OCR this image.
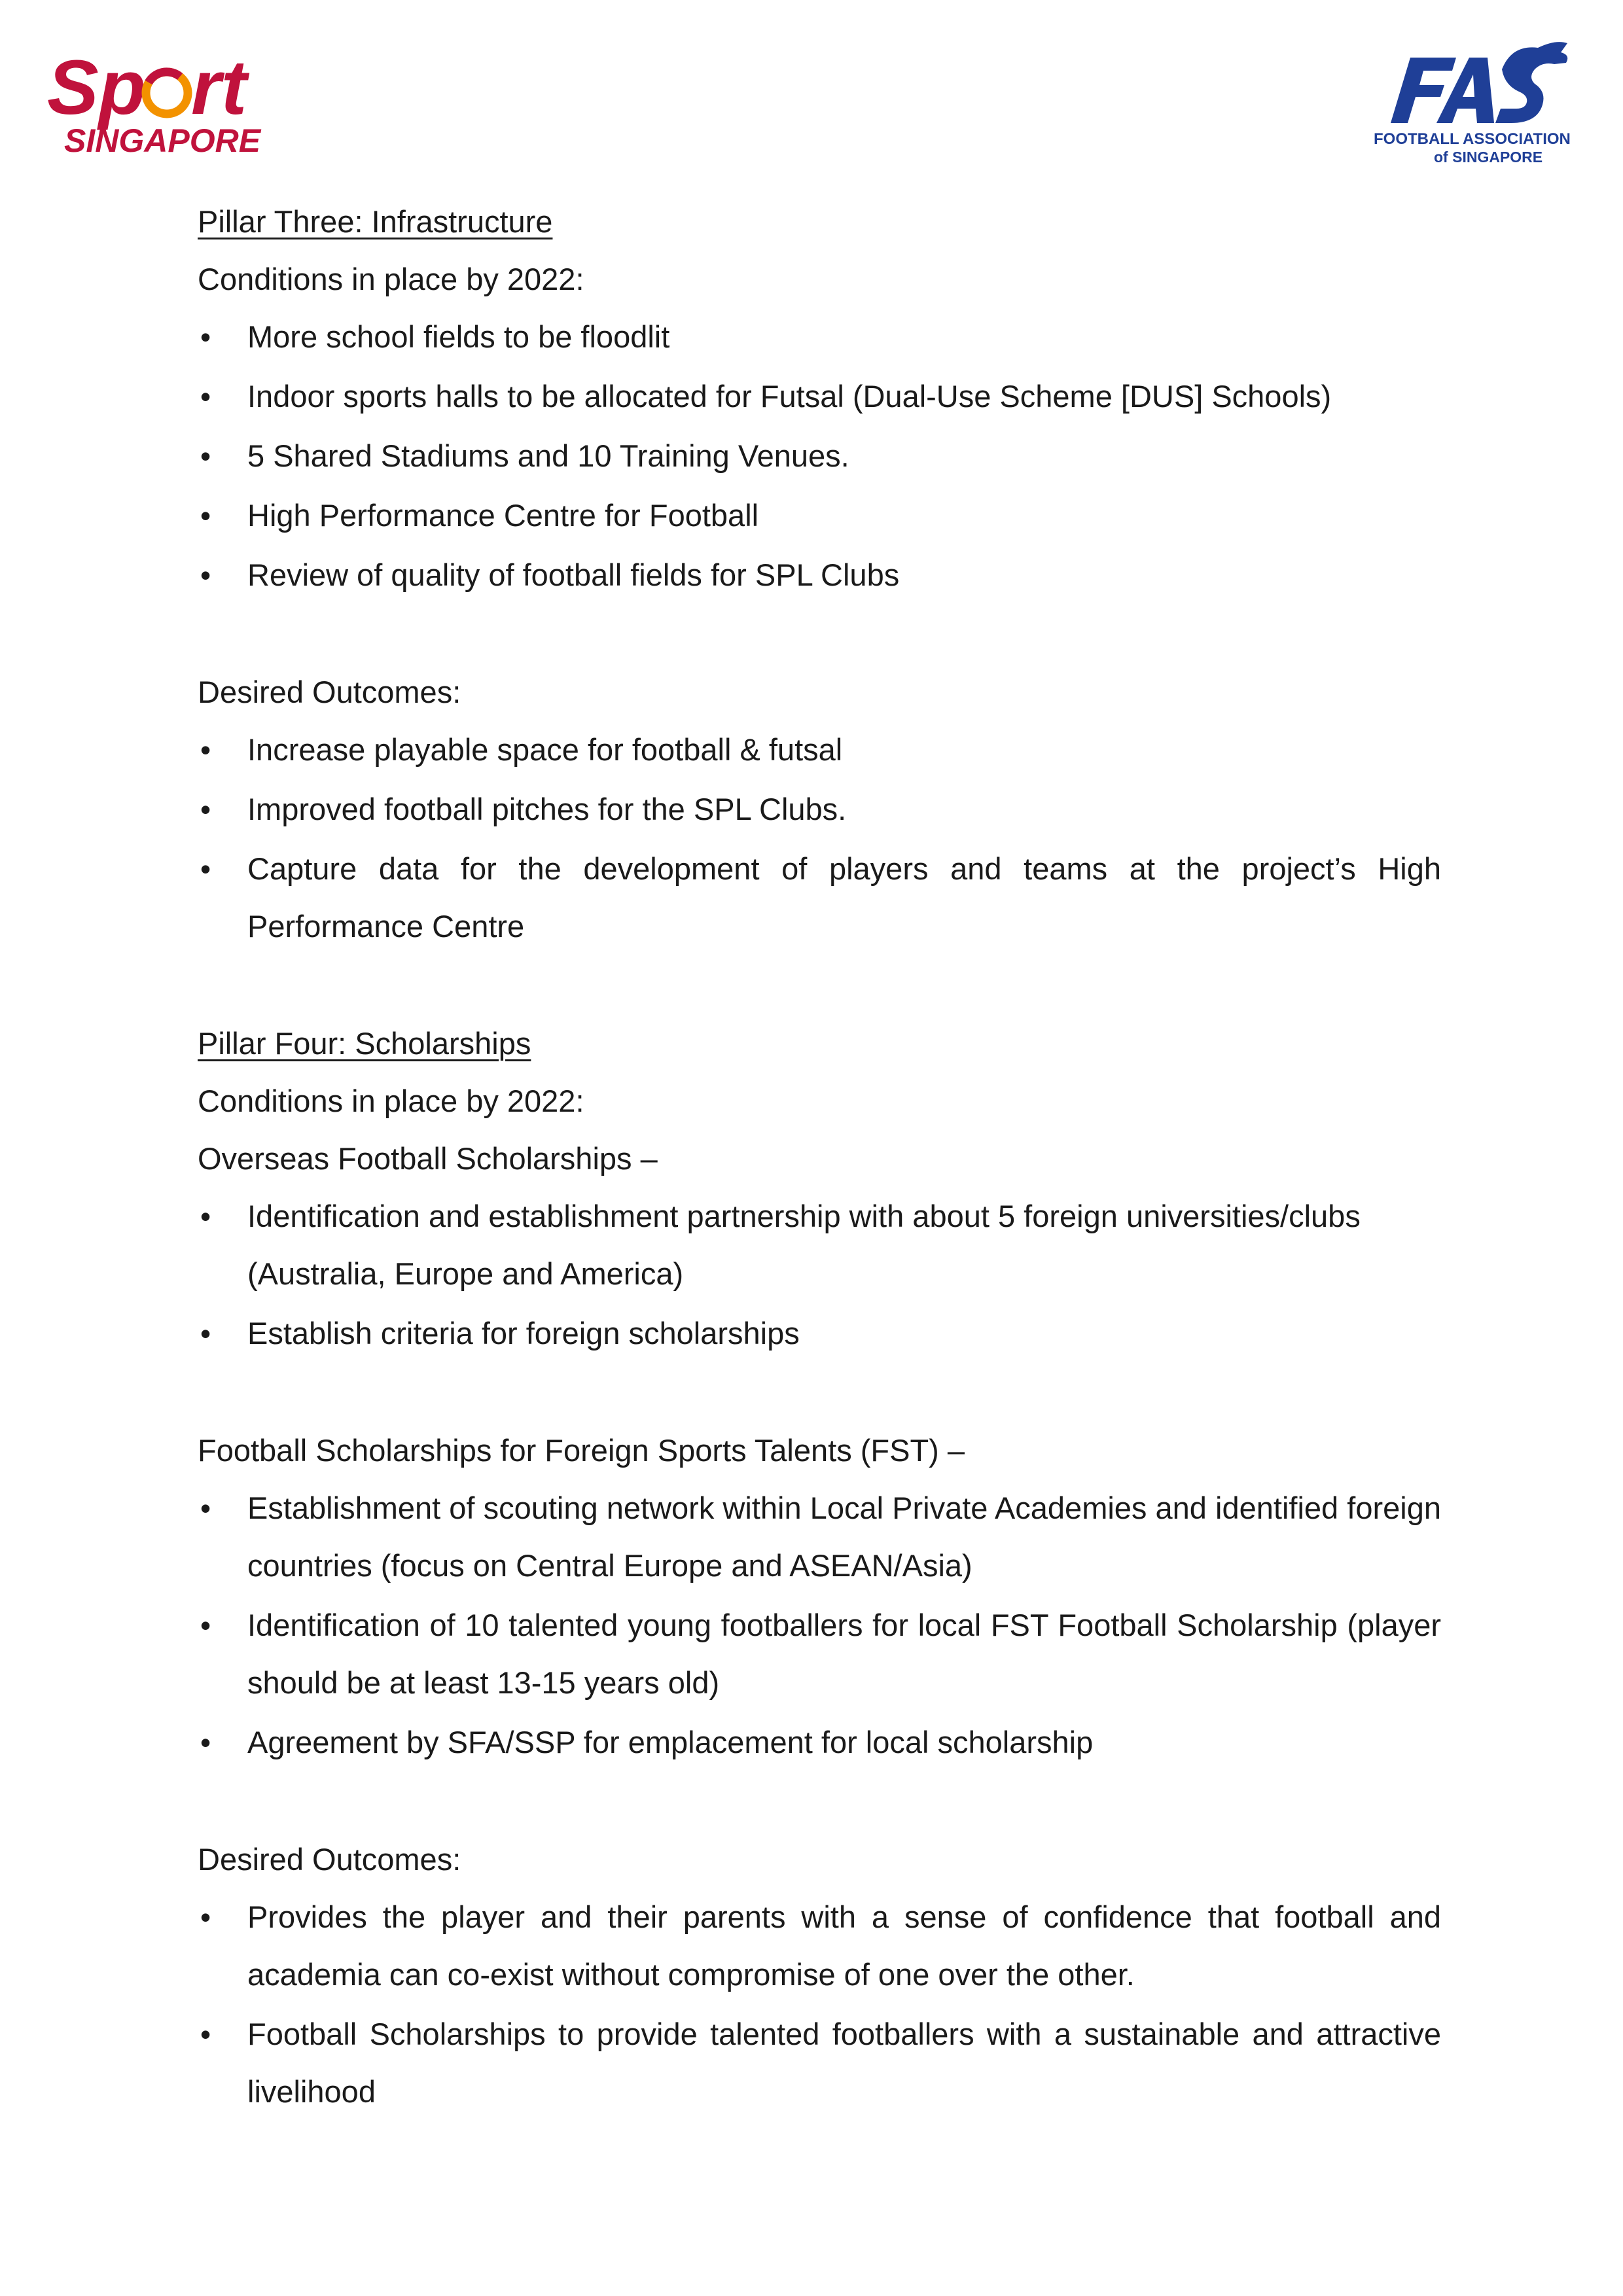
Sp rt
SINGAPORE	FOOTBALL ASSOCIATION
of SINGAPORE

Pillar Three: Infrastructure

Conditions in place by 2022:

• More school fields to be floodlit
• Indoor sports halls to be allocated for Futsal (Dual-Use Scheme [DUS] Schools)
• 5 Shared Stadiums and 10 Training Venues.
• High Performance Centre for Football
• Review of quality of football fields for SPL Clubs

Desired Outcomes:

• Increase playable space for football & futsal
• Improved football pitches for the SPL Clubs.
• Capture data for the development of players and teams at the project’s High Performance Centre

Pillar Four: Scholarships

Conditions in place by 2022:

Overseas Football Scholarships –

• Identification and establishment partnership with about 5 foreign universities/clubs (Australia, Europe and America)
• Establish criteria for foreign scholarships

Football Scholarships for Foreign Sports Talents (FST) –

• Establishment of scouting network within Local Private Academies and identified foreign countries (focus on Central Europe and ASEAN/Asia)
• Identification of 10 talented young footballers for local FST Football Scholarship (player should be at least 13-15 years old)
• Agreement by SFA/SSP for emplacement for local scholarship

Desired Outcomes:

• Provides the player and their parents with a sense of confidence that football and academia can co-exist without compromise of one over the other.
• Football Scholarships to provide talented footballers with a sustainable and attractive livelihood
